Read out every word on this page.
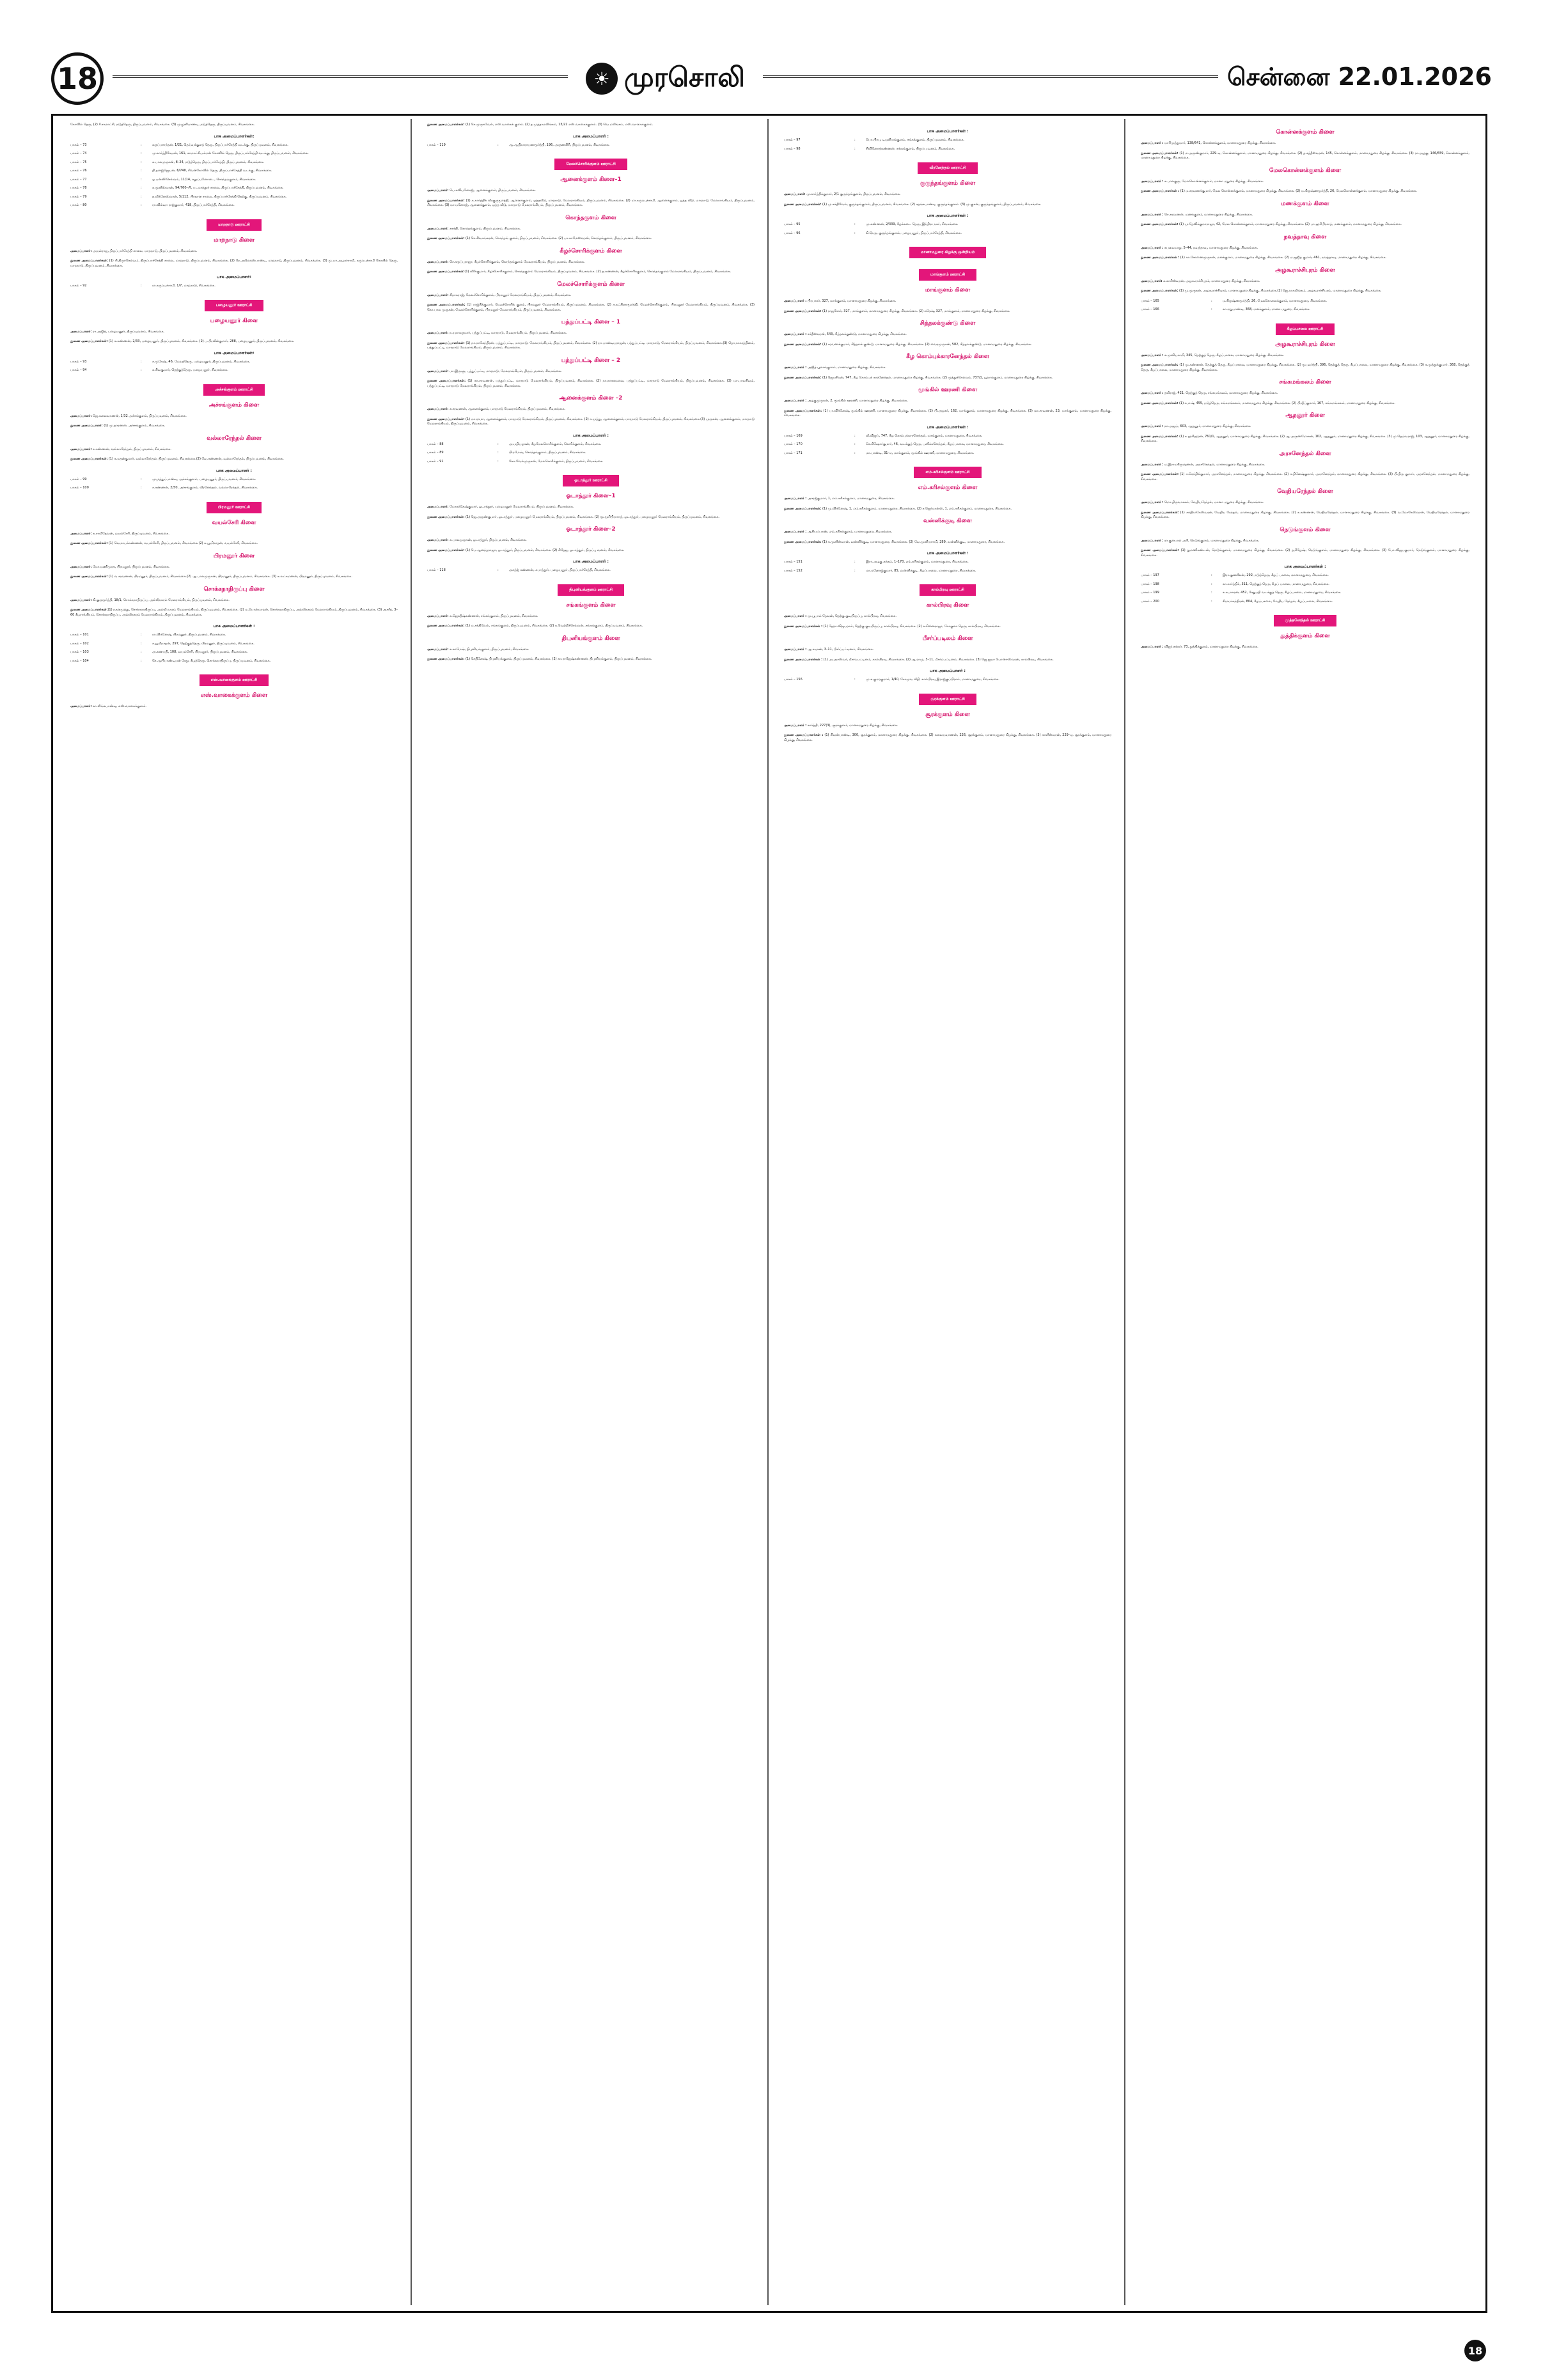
18	☀ முரசொலி	சென்னை 22.01.2026

கோவில் தெரு, (2) சீ.சாமாட்சி, நடுத்தெரு, திருப்புவனம், சிவகங்கை. (3) முழுனிபாண்டி, நடுத்தெரு, திருப்புவனம், சிவகங்கை.

பாக அமைப்பாளர்கள்:
பாகம் – 73	:	கருப்பசாந்தன், 1/21, தெய்வக்குளத் தெரு, திருப்பாச்சேத்தி வடக்கு, திருப்புவனம், சிவகங்கை.
பாகம் – 74	:	மு.கார்த்திகேயன், 161, காமாட்சியம்மன் கோவில் தெரு, திருப்பாச்சேத்தி வடக்கு, திருப்புவனம், சிவகங்கை.
பாகம் – 75	:	க.பாலமுருகன், 8–24, நடுத்தெரு, திருப்பாச்சேத்தி, திருப்புவனம், சிவகங்கை.
பாகம் – 76	:	தி.தனஜ்ஜெயன், 6/740, சிவன்கோவில் தெரு, திருப்பாச்சேத்தி வடக்கு, சிவகங்கை.
பாகம் – 77	:	ஓ.பன்னீர்செல்வம், 11/14, சலுப்பனோடை, கொந்தப்குளம், சிவகங்கை.
பாகம் – 78	:	க.முனீஸ்வரன், 94/760–பி, படமாத்தூர் சாலை, திருப்பாச்சேத்தி, திருப்புவனம், சிவகங்கை.
பாகம் – 79	:	த.வீக்னேஸ்வரன், 5/112, பிரதான சாலை, திருப்பாச்சேத்தி தெற்கு, திருப்புவனம், சிவகங்கை.
பாகம் – 80	:	ரா.வில்வா ராஜ்குமார், 418, திருப்பாச்சேத்தி, சிவகங்கை.
மாறநாடு ஊராட்சி
மாறநாடு கிளை

அமைப்பாளர்: அயல்ராஜ, திருப்பாச்சேத்தி சாலை, மாறநாடு, திருப்புவனம், சிவகங்கை.

துணை அமைப்பாளர்கள்: (1) சி.திருச்செல்வம், திருப்பாச்சேத்தி சாலை, மாறநாடு, திருப்புவனம், சிவகங்கை. (2) நே.அலெக்ஸ்பாண்டி, மாறநாடு, திருப்புவனம், சிவகங்கை. (3) மு.பா.அழகர்சாமி, கருப்புச்சாமி கோயில் தெரு, மாறநாடு, திருப்புவனம், சிவகங்கை.

பாக அமைப்பாளர்:
பாகம் – 92	:	ரா.கருப்புச்சாமி, 1/7, மாறநாடு, சிவகங்கை.
பழையனூர் ஊராட்சி
பழையனூர் கிளை

அமைப்பாளர்: ரா.அஜித், பழையனூர், திருப்புவனம், சிவகங்கை.

துணை அமைப்பாளர்கள்: (1) க.கண்ணன், 2/33, பழையனூர், திருப்புவனம், சிவகங்கை. (2) ப.பிரவீன்குமார், 288, பழையனூர், திருப்புவனம், சிவகங்கை.

பாக அமைப்பாளர்கள்:
பாகம் – 93	:	ச.முகேஷ், 46, மேலத்தெரு, பழையனூர், திருப்புவனம், சிவகங்கை.
பாகம் – 94	:	க.சிவகுமார், தெற்குத்தெரு, பழையனூர், சிவகங்கை.
அச்சங்குளம் ஊராட்சி
அச்சங்குளம் கிளை

அமைப்பாளர்: ஜெ.கலைவாணன், 1/32 அச்சங்குளம், திருப்புவனம், சிவகங்கை.

துணை அமைப்பாளர்: (1) மு.தாரணன், அச்சங்குளம், சிவகங்கை.

வல்லாரேந்தல் கிளை

அமைப்பாளர்: ச.கண்ணன், வல்லாரேந்தல், திருப்புவனம், சிவகங்கை.

துணை அமைப்பாளர்கள்: (1) க.மதன்குமார், வல்லாரேந்தல், திருப்புவனம், சிவகங்கை.(2) வே.கண்ணன், வல்லாரேந்தல், திருப்புவனம், சிவகங்கை.

பாக அமைப்பாளர் :
பாகம் – 99	:	முமுத்துப்பாண்டி, அச்சங்குளம், பழையனூர், திருப்புவனம், சிவகங்கை.
பாகம் – 100	:	ச.கண்ணன், 2/50, அச்சங்குளம், வீரனேந்தல், வல்லாரேந்தல், சிவகங்கை.
பிரமனூர் ஊராட்சி
வயல்சேரி கிளை

அமைப்பாளர்: க.சாமிதேவன், வயல்சேரி, திருப்புவனம், சிவகங்கை.

துணை அமைப்பாளர்கள்: (1) வெமாயக்கண்ணன், வயல்சேரி, திருப்புவனம், சிவகங்கை.(2) க.யூமிநாதன், வயல்சேரி, சிவகங்கை.

பிரமனூர் கிளை

அமைப்பாளர்: மோ.மணிமுரசு, பிரமனூர், திருப்புவனம், சிவகங்கை.

துணை அமைப்பாளர்கள்: (1) வ.சரவணன், பிரமனூர், திருப்புவனம், சிவகங்கை.(2) ஆ.பாலமுருகன், பிரமனூர், திருப்புவனம், சிவகங்கை. (3) க.லட்சுமணன், பிரமனூர், திருப்புவனம், சிவகங்கை.

சொக்கநாதிருப்பு கிளை

அமைப்பாளர்: கி.குருமூர்த்தி, 18/1, சொக்கநாதிருப்பு, அல்லிநகரம் மேலராங்கியம், திருப்புவனம், சிவகங்கை.

துணை அமைப்பாளர்கள்:(1) நகனமுத்து, சொக்கநாதிருப்பு, அல்லி நகரம் மேலராங்கியம், திருப்புவனம், சிவகங்கை. (2) ம.பொன்மாறன், சொக்கநாதிருப்பு, அல்லிநகரம் மேலராங்கியம், திருப்புவனம், சிவகங்கை. (3) அசரீத், 3–60 கீழராங்கியம், சொக்கநாதிருப்பு, அல்லிநகரம் மேலராங்கியம், திருப்புவனம், சிவகங்கை.

பாக அமைப்பாளர்கள் :
பாகம் – 101	:	ரா.விக்னேஷ், பிரமனூர், திருப்புவனம், சிவகங்கை.
பாகம் – 102	:	ச.யூமிநாதன், 297, தெற்குத்தெரு, பிரமனூர், திருப்புவனம், சிவகங்கை.
பாகம் – 103	:	அ.கணபதி, 108, வயல்சேரி, பிரமனூர், திருப்புவனம், சிவகங்கை.
பாகம் – 104	:	சே.ஆபிபாண்டியன் சேது, கீழத்தெரு, சொக்கநாதிருப்பு, திருப்புவனம், சிவகங்கை.
எஸ்.வாகைகுளம் ஊராட்சி
எஸ்.வாகைக்குளம் கிளை

அமைப்பாளர்: கா.லிங்கபாண்டி, எஸ்.வாகைக்குளம்.

துணை அமைப்பாளர்கள்: (1) செ.முருகவேல், எஸ்.வாகைக் குளம். (2) த.முத்தாமலிங்கம், 13/22 எஸ்.வாகைக்குளம். (3) வெ.மலிங்கம், எஸ்.வாகைக்குளம்.

பாக அமைப்பாளர் :
பாகம் – 119	:	ஆ.ஆதிநாராயணமூர்த்தி, 196, அருணகிரி, திருப்புவனம், சிவகங்கை.
மேலச்சொரிக்குளம் ஊராட்சி
ஆனைக்குளம் கிளை–1

அமைப்பாளர்: பெ.கவியனோஜ், ஆனைக்குளம், திருப்புவனம், சிவகங்கை.

துணை அமைப்பாளர்கள்: (1) க.கார்த்திக் வீரகுருமூர்த்தி, ஆனைக்குளம், ஒத்தவீடு, மாரநாடு, மேலராங்கியம், திருப்புவனம், சிவகங்கை. (2) மா.கருப்புச்சாமி, ஆனைக்குளம், ஒத்த வீடு, மாரநாடு, மேலராங்கியம், திருப்புவனம், சிவகங்கை. (3) மா.மனோஜ், ஆனைக்குளம், ஒத்த வீடு, மாரநாடு மேலராங்கியம், திருப்புவனம், சிவகங்கை.

கொந்தகுளம் கிளை

அமைப்பாளர்: சசக்தி, கொந்தங்குளம், திருப்புவனம், சிவகங்கை.

துணை அமைப்பாளர்கள்: (1) செ.சிவசங்கரன், கொந்தங் குளம், திருப்புவனம், சிவகங்கை. (2) பா.காமேஸ்வரன், கொந்தங்குளம், திருப்புவனம், சிவகங்கை.

கீழச்சொரிக்குளம் கிளை

அமைப்பாளர்: செ.கருப்புராஜா, கீழச்சொரிக்குளம், கொந்தங்குளம் மேலராங்கியம், திருப்புவனம், சிவகங்கை.

துணை அமைப்பாளர்கள்:(1) வீரீக்குமார், கீழச்சொரிக்குளம், கொந்தகுளம் மேலராங்கியம், திருப்புவனம், சிவகங்கை. (2) த.கண்ணன், கீழச்சொரிக்குளம், கொந்தங்குளம் மேலராங்கியம், திருப்புவனம், சிவகங்கை.

மேலச்சொரிக்குளம் கிளை

அமைப்பாளர்: சிநாகராஜ், மேலச்சொரிக்குளம், பிரமனூர் மேலராங்கியம், திருப்புவனம், சிவகங்கை.

துணை அமைப்பாளர்கள்: (1) ராஜ்சித்குமார், மேலச்சொரிக் குளம், பிரமனூர் மேலராங்கியம், திருப்புவனம், சிவகங்கை. (2) ச.நட்சினாமூர்த்தி, மேலச்சொரிக்குளம், பிரமனூர் மேலராங்கியம், திருப்புவனம், சிவகங்கை. (3) கோ.பால முருகன், மேலச்சொரிக்குளம், பிரமனூர் மேலராங்கியம், திருப்புவனம், சிவகங்கை.

பத்துப்பட்டி கிளை – 1

அமைப்பாளர்: ந.ர.நாகருமார், பத்துப்பட்டி, மாரநாடு, மேலராங்கியம், திருப்புவனம், சிவகங்கை.

துணை அமைப்பாளர்கள்: (1) நா.நாகேந்திரன், பத்துப்பட்டி, மாரநாடு, மேலராங்கியம், திருப்புவனம், சிவகங்கை. (2) நா.பாண்டியராஜன், பத்துப்பட்டி, மாரநாடு, மேலராங்கியம், திருப்புவனம், சிவகங்கை.(3) தொ.நாகரத்தினம், பத்துப்பட்டி, மாரநாடு மேலராங்கியம், திருப்புவனம், சிவகங்கை.

பத்துப்பட்டி கிளை – 2

அமைப்பாளர்: மா.இருளு, பத்துப்பட்டி, மாரநாடு, மேலராங்கியம், திருப்புவனம், சிவகங்கை.

துணை அமைப்பாளர்கள்: (1) கா.சரவணன், பத்துப்பட்டி, மாரநாடு மேலராங்கியம், திருப்புவனம், சிவகங்கை. (2) நா.நாககமலை, பத்துப்பட்டி, மாரநாடு மேலராங்கியம், திருப்புவனம், சிவகங்கை. (3) மா.பாலசிவம், பத்துப்பட்டி, மாரநாடு மேலராங்கியம், திருப்புவனம், சிவகங்கை.

ஆனைக்குளம் கிளை –2

அமைப்பாளர்: ச.சரவணன், ஆனைக்குளம், மாரநாடு மேலராங்கியம், திருப்புவனம், சிவகங்கை.

துணை அமைப்பாளர்கள்: (1) மா.ராமா, ஆனைக்குளம், மாரநாடு மேலராங்கியம், திருப்புவனம், சிவகங்கை. (2) ச.முத்து, ஆனைக்குளம், மாரநாடு மேலராங்கியம், திருப்புவனம், சிவகங்கை.(3) முருகன், ஆனைக்குளம், மாரநாடு மேலராங்கியம், திருப்புவனம், சிவகங்கை.

பாக அமைப்பாளர் :
பாகம் – 88	:	அ.மதியழகன், கீழமேலசொரிக்குளம், கொரிக்குளம், சிவகங்கை.
பாகம் – 89	:	பி.ரமேஷ், கொந்தங்குளம், திருப்புவனம், சிவகங்கை.
பாகம் – 91	:	கோ.வேல்முருகன், மேலசொரிக்குளம், திருப்புவனம், சிவகங்கை.
ஓடாத்தூர் ஊராட்சி
ஓடாத்தூர் கிளை–1

அமைப்பாளர்: மோகந்தேஷ்குமார், ஓடாத்தூர், பழையனூர் மேலராங்கியம், திருப்புவனம், சிவகங்கை.

துணை அமைப்பாளர்கள்: (1) ஜெ.அருண்குமார், ஓடாத்தூர், பழையனூர் மேலராங்கியம், திருப்புவனம், சிவகங்கை. (2) மூ.மூரிபிராசாத், ஓடாத்தூர், பழையனூர் மேலராங்கியம், திருப்புவனம், சிவகங்கை.

ஓடாத்தூர் கிளை–2

அமைப்பாளர்: க.பாலமுருகன், ஓடாத்தூர், திருப்புவனம், சிவகங்கை.

துணை அமைப்பாளர்கள்: (1) பெ.ஆனந்தராஜா, ஓடாத்தூர், திருப்புவனம், சிவகங்கை. (2) சிதேஜ, ஓடாத்தூர், திருப்பு வனம், சிவகங்கை.

பாக அமைப்பாளர் :
பாகம் – 118	:	அசத்ஜ் கண்ணன், சுபாத்தூர், பழையனூர், திருப்பாச்சேத்தி, சிவகங்கை.
திபுனியங்குளம் ஊராட்சி
சங்கங்குளம் கிளை

அமைப்பாளர்: க.ஜெகதீஷ்கண்ணன், சங்கங்குளம், திருப்புவனம், சிவகங்கை.

துணை அமைப்பாளர்கள்: (1) ம.சக்திவேல், சங்கங்குளம், திருப்புவனம், சிவகங்கை. (2) க.வெற்றிச்செல்வன், சங்கங்குளம், திருப்புவனம், சிவகங்கை.

திபுனியங்குளம் கிளை

அமைப்பாளர்: க.காமேஷ், திபுனியங்குளம், திருப்புவனம், சிவகங்கை.

துணை அமைப்பாளர்கள்: (1) செதினேஷ், திபுனியங்குளம், திருப்புவனம், சிவகங்கை. (2) கா.ராஜேஷ்கண்ணன், திபுனியங்குளம், திருப்புவனம், சிவகங்கை.

பாக அமைப்பாளர்கள் :
பாகம் – 97	:	பொ.பிரபு, டிபுனியங்குளம், சங்கங்குளம், திருப்புவனம், சிவகங்கை.
பாகம் – 98	:	சிவினோத்கண்ணன், சங்கங்குளம், திருப்பு வனம், சிவகங்கை.
வீரனேந்தல் ஊராட்சி
குருந்தங்குளம் கிளை

அமைப்பாளர்: மு.கார்த்திக்குமார், 2/1 குருந்தங்குளம், திருப்புவனம், சிவகங்கை.

துணை அமைப்பாளர்கள்: (1) மு.சக்திவேல், குருந்தங்குளம், திருப்புவனம், சிவகங்கை. (2) சதங்கபாண்டி, குருந்தங்குளம். (3) மு.குகன், குருந்தங்குளம், திருப்புவனம், சிவகங்கை.

பாக அமைப்பாளர்கள் :
பாகம் – 95	:	மு.கண்ணன், 2/339, கீழக்கடை தெரு, இந்திரா நகர், சிவகங்கை.
பாகம் – 96	:	கி.நேரு, குருந்தங்குளம், பழையனூர், திருப்பாச்சேத்தி, சிவகங்கை.
மானாமதுரை கிழக்கு ஒன்றியம்
மாங்குளம் ஊராட்சி
மாங்குளம் கிளை

அமைப்பாளர் : பிரபாகர், 327, மாங்குளம், மானாமதுரை கிழக்கு, சிவகங்கை.

துணை அமைப்பாளர்கள்: (1) ராஜசேகர், 327, மாங்குளம், மானாமதுரை கிழக்கு, சிவகங்கை. (2) சுரேஷ், 327, மாங்குளம், மானாமதுரை கிழக்கு, சிவகங்கை.

சித்தலக்குண்டு கிளை

அமைப்பாளர் : சக்தீஸ்வரன், 543, சித்தலக்குண்டு, மானாமதுரை கிழக்கு, சிவகங்கை.

துணை அமைப்பாளர்கள்: (1) சரவணக்குமார், சித்தலக் குண்டு, மானாமதுரை கிழக்கு, சிவகங்கை. (2) வைரமுருகன், 582, சித்தலக்குண்டு, மானாமதுரை கிழக்கு, சிவகங்கை.

கீழ கொம்புக்காரனேந்தல் கிளை

அமைப்பாளர் : அஜித் பூலாங்குளம், மானாமதுரை கிழக்கு, சிவகங்கை.

துணை அமைப்பாளர்கள்: (1) ஜெயசீலன், 747, கீழ கொம்புக் காரனேந்தல், மானாமதுரை கிழக்கு, சிவகங்கை. (2) முத்துச்செல்வம், 737/1, பூலாங்குளம், மானாமதுரை கிழக்கு, சிவகங்கை.

மூங்கில் ஊரணி கிளை

அமைப்பாளர் : அழகுமுருகன், 2, மூங்கில் ஊரணி, மானாமதுரை கிழக்கு, சிவகங்கை.

துணை அமைப்பாளர்கள்: (1) பா.விக்னேஷ், மூங்கில் ஊரணி, மானாமதுரை கிழக்கு, சிவகங்கை. (2) பி.அழகர், 162, மாங்குளம், மானாமதுரை கிழக்கு, சிவகங்கை. (3) மா.சரவணன், 23, மாங்குளம், மானாமதுரை கிழக்கு, சிவகங்கை.

பாக அமைப்பாளர்கள் :
பாகம் – 169	:	வீ.விஜய், 747, கீழ கொம்புக்காரனேந்தல், மாங்குளம், மானாமதுரை, சிவகங்கை.
பாகம் – 170	:	செ.கிஷோர்குமார், 46, வடக்குத் தெரு, பனிக்கனேந்தல், கீழப்பசலை, மானாமதுரை, சிவகங்கை.
பாகம் – 171	:	மா.பாண்டி, 31–ஏ, மாங்குளம், மூங்கில் ஊரணி, மானாமதுரை, சிவகங்கை.
எம்.கரிசல்குளம் ஊராட்சி
எம்.கரிசல்குளம் கிளை

அமைப்பாளர் : அசரஜ்குமார், 1, எம்.கரிசல்குளம், மானாமதுரை, சிவகங்கை.

துணை அமைப்பாளர்கள்: (1) மு.விக்னேஷ், 1, எம்.கரிசல்குளம், மானாமதுரை, சிவகங்கை. (2) ச.ஜெர்மான்ஸ், 1, எம்.கரிசல்குளம், மானாமதுரை, சிவகங்கை.

வன்னிக்குடி கிளை

அமைப்பாளர் : ஆசியப்பாண், எம்.கரிசல்குளம், மானாமதுரை, சிவகங்கை.

துணை அமைப்பாளர்கள்: (1) க.முனீஸ்வரன், வன்னிக்குடி, மானாமதுரை, சிவகங்கை. (2) வே.முனியசாமி, 289, வன்னிக்குடி, மானாமதுரை, சிவகங்கை.

பாக அமைப்பாளர்கள் :
பாகம் – 151	:	இரா.அழகு சுந்தம், 1–170, எம்.கரிசல்குளம், மானாமதுரை, சிவகங்கை.
பாகம் – 152	:	மா.மனோஜ்குமார், 85, வன்னிக்குடி, கீழப்பசலை, மானாமதுரை, சிவகங்கை.
கால்பிரவு ஊராட்சி
கால்பிரவு கிளை

அமைப்பாளர் : மு.பூபாம் தேவன், தெற்கு குடியிருப்பு, கால்பிரவு, சிவகங்கை.

துணை அமைப்பாளர்கள் : (1) ஹோ.விஜயராம், தெற்கு குடியிருப்பு, கால்பிரவு, சிவகங்கை. (2) க.சின்னராஜா, கோகுலா தெரு, கால்பிரவு, சிவகங்கை.

பீசர்ப்படிலம் கிளை

அமைப்பாளர் : ஆ.சடிகன், 3–11, பீசர்ப்பட்டினம், சிவகங்கை.

துணை அமைப்பாளர்கள் : (1) அ.அசஸ்வர், பீசர்ப்பட்டினம், கால்பிரவு, சிவகங்கை. (2) ஆ.ராமு, 3–11, பீசர்ப்பட்டினம், சிவகங்கை. (3) ஜெ.ஜயா பொன்ஈஸ்வரன், கால்பிரவு, சிவகங்கை.

பாக அமைப்பாளர் :
பாகம் – 156	:	மு.க.குமரகுமார், 1/40, சோமுவ வீதி, கால்பிரவு இராஜ்குப்பிராம், மானாமதுரை, சிவகங்கை.
சூரக்குளம் ஊராட்சி
சூரக்குளம் கிளை

அமைப்பாளர் : கார்த்தி, 227(3), சூரக்குளம், மானாமதுரை கிழக்கு, சிவகங்கை.

துணை அமைப்பாளர்கள் : (1) சிவன்பாண்டி, 300, சூரக்குளம், மானாமதுரை கிழக்கு, சிவகங்கை. (2) கலையவாணன், 226, சூரக்குளம், மானாமதுரை கிழக்கு, சிவகங்கை. (3) காளீஸ்வரன், 229–ஏ, சூரக்குளம், மானாமதுரை கிழக்கு, சிவகங்கை.

கொன்னக்குளம் கிளை

அமைப்பாளர் : மாரிமுத்துமார், 138/641, கொன்னக்குளம், மானாமதுரை கிழக்கு, சிவகங்கை.

துணை அமைப்பாளர்கள்: (1) ம.அருண்குமார், 229–ஏ, கொன்னக்குளம், மானாமதுரை கிழக்கு, சிவகங்கை. (2) த.சத்தீஸ்வரன், 145, கொன்னக்குளம், மானாமதுரை கிழக்கு, சிவகங்கை. (3) ரா.அழகு, 146/659, கொன்னக்குளம், மானாமதுரை கிழக்கு, சிவகங்கை.

மேலகொன்னக்குளம் கிளை

அமைப்பாளர் : க.பாலகுரு, மேலகொன்னக்குளம், மானா மதுரை கிழக்கு, சிவகங்கை.

துணை அமைப்பாளர்கள் : (1) ம.சரவணக்குமார், மேல கொன்னக்குளம், மானாமதுரை கிழக்கு, சிவகங்கை. (2) ம.கிருஷ்ணமூர்த்தி, 26, மேலகொன்னக்குளம், மானாமதுரை கிழக்கு, சிவகங்கை.

மணக்குளம் கிளை

அமைப்பாளர் : செ.சரவணன், மணக்குளம், மானாமதுரை கிழக்கு, சிவகங்கை.

துணை அமைப்பாளர்கள்: (1) மு.தேவிக்குமாராஜா, 42, மேல கொன்னக்குளம், மானாமதுரை கிழக்கு, சிவகங்கை. (2) பா.ஹரிபிரசாத், மணக்குளம், மானாமதுரை கிழக்கு, சிவகங்கை.

நவத்தாவு கிளை

அமைப்பாளர் : சுபலைமாறு, 5–44, நவத்தாவு, மானாமதுரை கிழக்கு, சிவகங்கை.

துணை அமைப்பாளர்கள் : (1) கா.சோணைமுருகன், மனக்குளம், மானாமதுரை கிழக்கு, சிவகங்கை. (2) ம.ஜஜித் குமார், 461, நவத்தாவு, மானாமதுரை கிழக்கு, சிவகங்கை.

அழகூராச்சிபுரம் கிளை

அமைப்பாளர்: க.காசிஸ்வரன், அழகூராச்சிபுரம், மானாமதுரை கிழக்கு, சிவகங்கை.

துணை அமைப்பாளர்கள்: (1) மு.முருகன், அழகூராச்சிபுரம், மானாமதுரை கிழக்கு, சிவகங்கை.(2) ஜெ.நாகலிங்கம், அழகூராச்சிபுரம், மானாமதுரை கிழக்கு, சிவகங்கை.

பாகம் – 165	:	ம.கிருஷ்ணமூர்த்தி, 26, மேலகொலைக்குளம், மானாமதுரை, சிவகங்கை.
பாகம் – 166	:	கா.மதுபாண்டி, 368, மனக்குளம், மானா மதுரை, சிவகங்கை.
கீழப்பசலை ஊராட்சி
அழகூராச்சிபுரம் கிளை

அமைப்பாளர் : க.முனியசாமி, 345, தெற்குத் தெரு, கீழப்பசலை, மானாமதுரை கிழக்கு, சிவகங்கை.

துணை அமைப்பாளர்கள்: (1) மு.கண்ணன், தெற்குத் தெரு, கீழப்பசலை, மானாமதுரை கிழக்கு, சிவகங்கை. (2) மூபவர்த்தி, 396, தெற்குத் தெரு, கீழப்பசலை, மானாமதுரை கிழக்கு, சிவகங்கை. (3) க.முத்துக்குமார், 368, தெற்குத் தெரு, கீழப்பசலை, மானாமதுரை கிழக்கு, சிவகங்கை.

சங்கமங்கலம் கிளை

அமைப்பாளர் : தவீராஜ், 421, தெற்குத் தெரு, சங்கமங்கலம், மானாமதுரை கிழக்கு, சிவகங்கை.

துணை அமைப்பாளர்கள்: (1) சபாஷ், 455, நடுத்தெரு, சங்கமங்கலம், மானாமதுரை கிழக்கு, சிவகங்கை. (2) பிரதீப்குமார், 167, சங்கமங்கலம், மானாமதுரை கிழக்கு, சிவகங்கை.

ஆதனூர் கிளை

அமைப்பாளர் : நா.அஜய், 603, ஆதனூர், மானாமதுரை கிழக்கு, சிவகங்கை.

துணை அமைப்பாளர்கள்: (1) க.ஹரிஹரன், 761/1, ஆதனூர், மானாமதுரை கிழக்கு, சிவகங்கை. (2) ஆ.அருண்மோகன், 102, ஆதனூர், மானாமதுரை கிழக்கு, சிவகங்கை. (3) மு.தெய்வராஜ், 103, ஆதனூர், மானாமதுரை கிழக்கு, சிவகங்கை.

அரசனேந்தல் கிளை

அமைப்பாளர் : ம.இராமகிருஷ்ணன், அரசனேந்தல், மானாமதுரை கிழக்கு, சிவகங்கை.

துணை அமைப்பாளர்கள்: (1) ச.செந்தில்குமார், அரசனேந்தல், மானாமதுரை கிழக்கு, சிவகங்கை. (2) ச.தினேஷ்குமார், அரசனேந்தல், மானாமதுரை கிழக்கு, சிவகங்கை. (3) பி.திரு குமார், அரசனேந்தல், மானாமதுரை கிழக்கு, சிவகங்கை.

வேதியரேந்தல் கிளை

அமைப்பாளர் : மொ.திருவாசகம், வேதியரேந்தல், மானா மதுரை கிழக்கு, சிவகங்கை.

துணை அமைப்பாளர்கள்: (1) சக்திநாகேஸ்வரன், வேதிய ரேந்தல், மானாமதுரை கிழக்கு, சிவகங்கை. (2) க.கண்ணன், வேதியரேந்தல், மானாமதுரை கிழக்கு, சிவகங்கை. (3) வ.மோகேஸ்வரன், வேதியரேந்தல், மானாமதுரை கிழக்கு, சிவகங்கை.

நெடுங்குளம் கிளை

அமைப்பாளர் : ரா.குனபால் அரி, நெடுங்குளம், மானாமதுரை கிழக்கு, சிவகங்கை.

துணை அமைப்பாளர்கள்: (1) நுமணிகண்டன், நெடுங்குளம், மானாமதுரை கிழக்கு, சிவகங்கை. (2) தமிழேஷ், நெடுங்குளம், மானாமதுரை கிழக்கு, சிவகங்கை. (3) போ.விஜயகுமார், நெடுங்குளம், மானாமதுரை கிழக்கு, சிவகங்கை.

பாக அமைப்பாளர்கள் :
பாகம் – 197	:	இரா.குணசீலன், 292, நடுத்தெரு, கீழப் பசலை, மானாமதுரை, சிவகங்கை.
பாகம் – 198	:	கா.கார்த்திக், 311, தெற்குத் தெரு, கீழப் பசலை, மானாமதுரை, சிவகங்கை.
பாகம் – 199	:	க.சுபாகரன், 452, சேதுபதி வடக்குத் தெரு, கீழப்பசலை, மானாமதுரை, சிவகங்கை.
பாகம் – 200	:	சிராமச்சந்திரன், 804, கீழப்பசலை, வேதிய ரேந்தல், கீழப்பசலை, சிவகங்கை.
முத்தனேந்தல் ஊராட்சி
துத்திக்குளம் கிளை

அமைப்பாளர் : விஜய்சங்கர், 73, துத்திக்குளம், மானாமதுரை கிழக்கு, சிவகங்கை.

18
